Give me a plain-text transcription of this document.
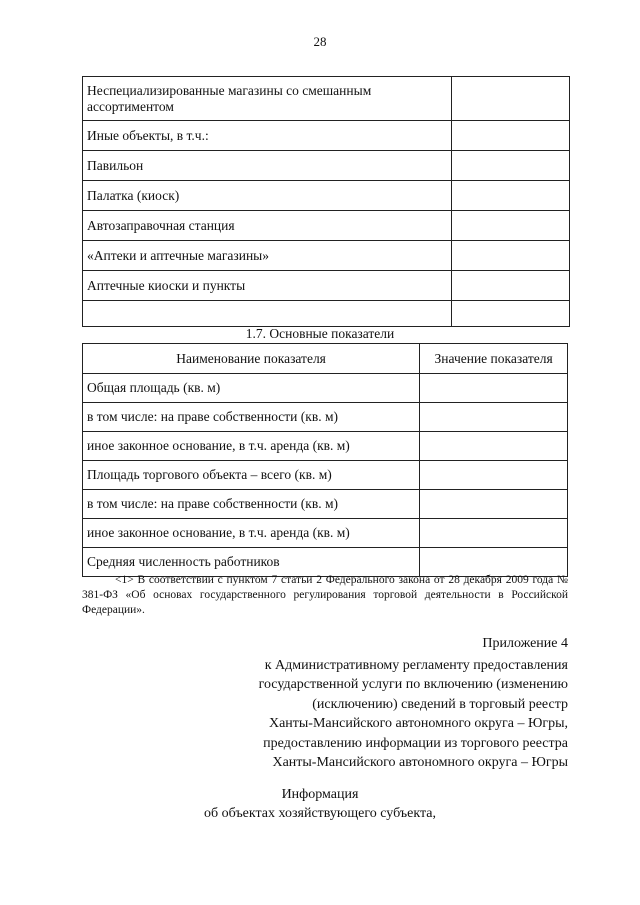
28
Неспециализированные магазины со смешанным ассортиментом	
Иные объекты, в т.ч.:	
Павильон	
Палатка (киоск)	
Автозаправочная станция	
«Аптеки и аптечные магазины»	
Аптечные киоски и пункты	

1.7. Основные показатели
Наименование показателя	Значение показателя
Общая площадь (кв. м)	
в том числе: на праве собственности (кв. м)	
иное законное основание, в т.ч. аренда (кв. м)	
Площадь торгового объекта – всего (кв. м)	
в том числе: на праве собственности (кв. м)	
иное законное основание, в т.ч. аренда (кв. м)	
Средняя численность работников	
<1> В соответствии с пунктом 7 статьи 2 Федерального закона от 28 декабря 2009 года № 381-ФЗ «Об основах государственного регулирования торговой деятельности в Российской Федерации».
Приложение 4
к Административному регламенту предоставления
государственной услуги по включению (изменению
(исключению) сведений в торговый реестр
Ханты-Мансийского автономного округа – Югры,
предоставлению информации из торгового реестра
Ханты-Мансийского автономного округа – Югры
Информация
об объектах хозяйствующего субъекта,
